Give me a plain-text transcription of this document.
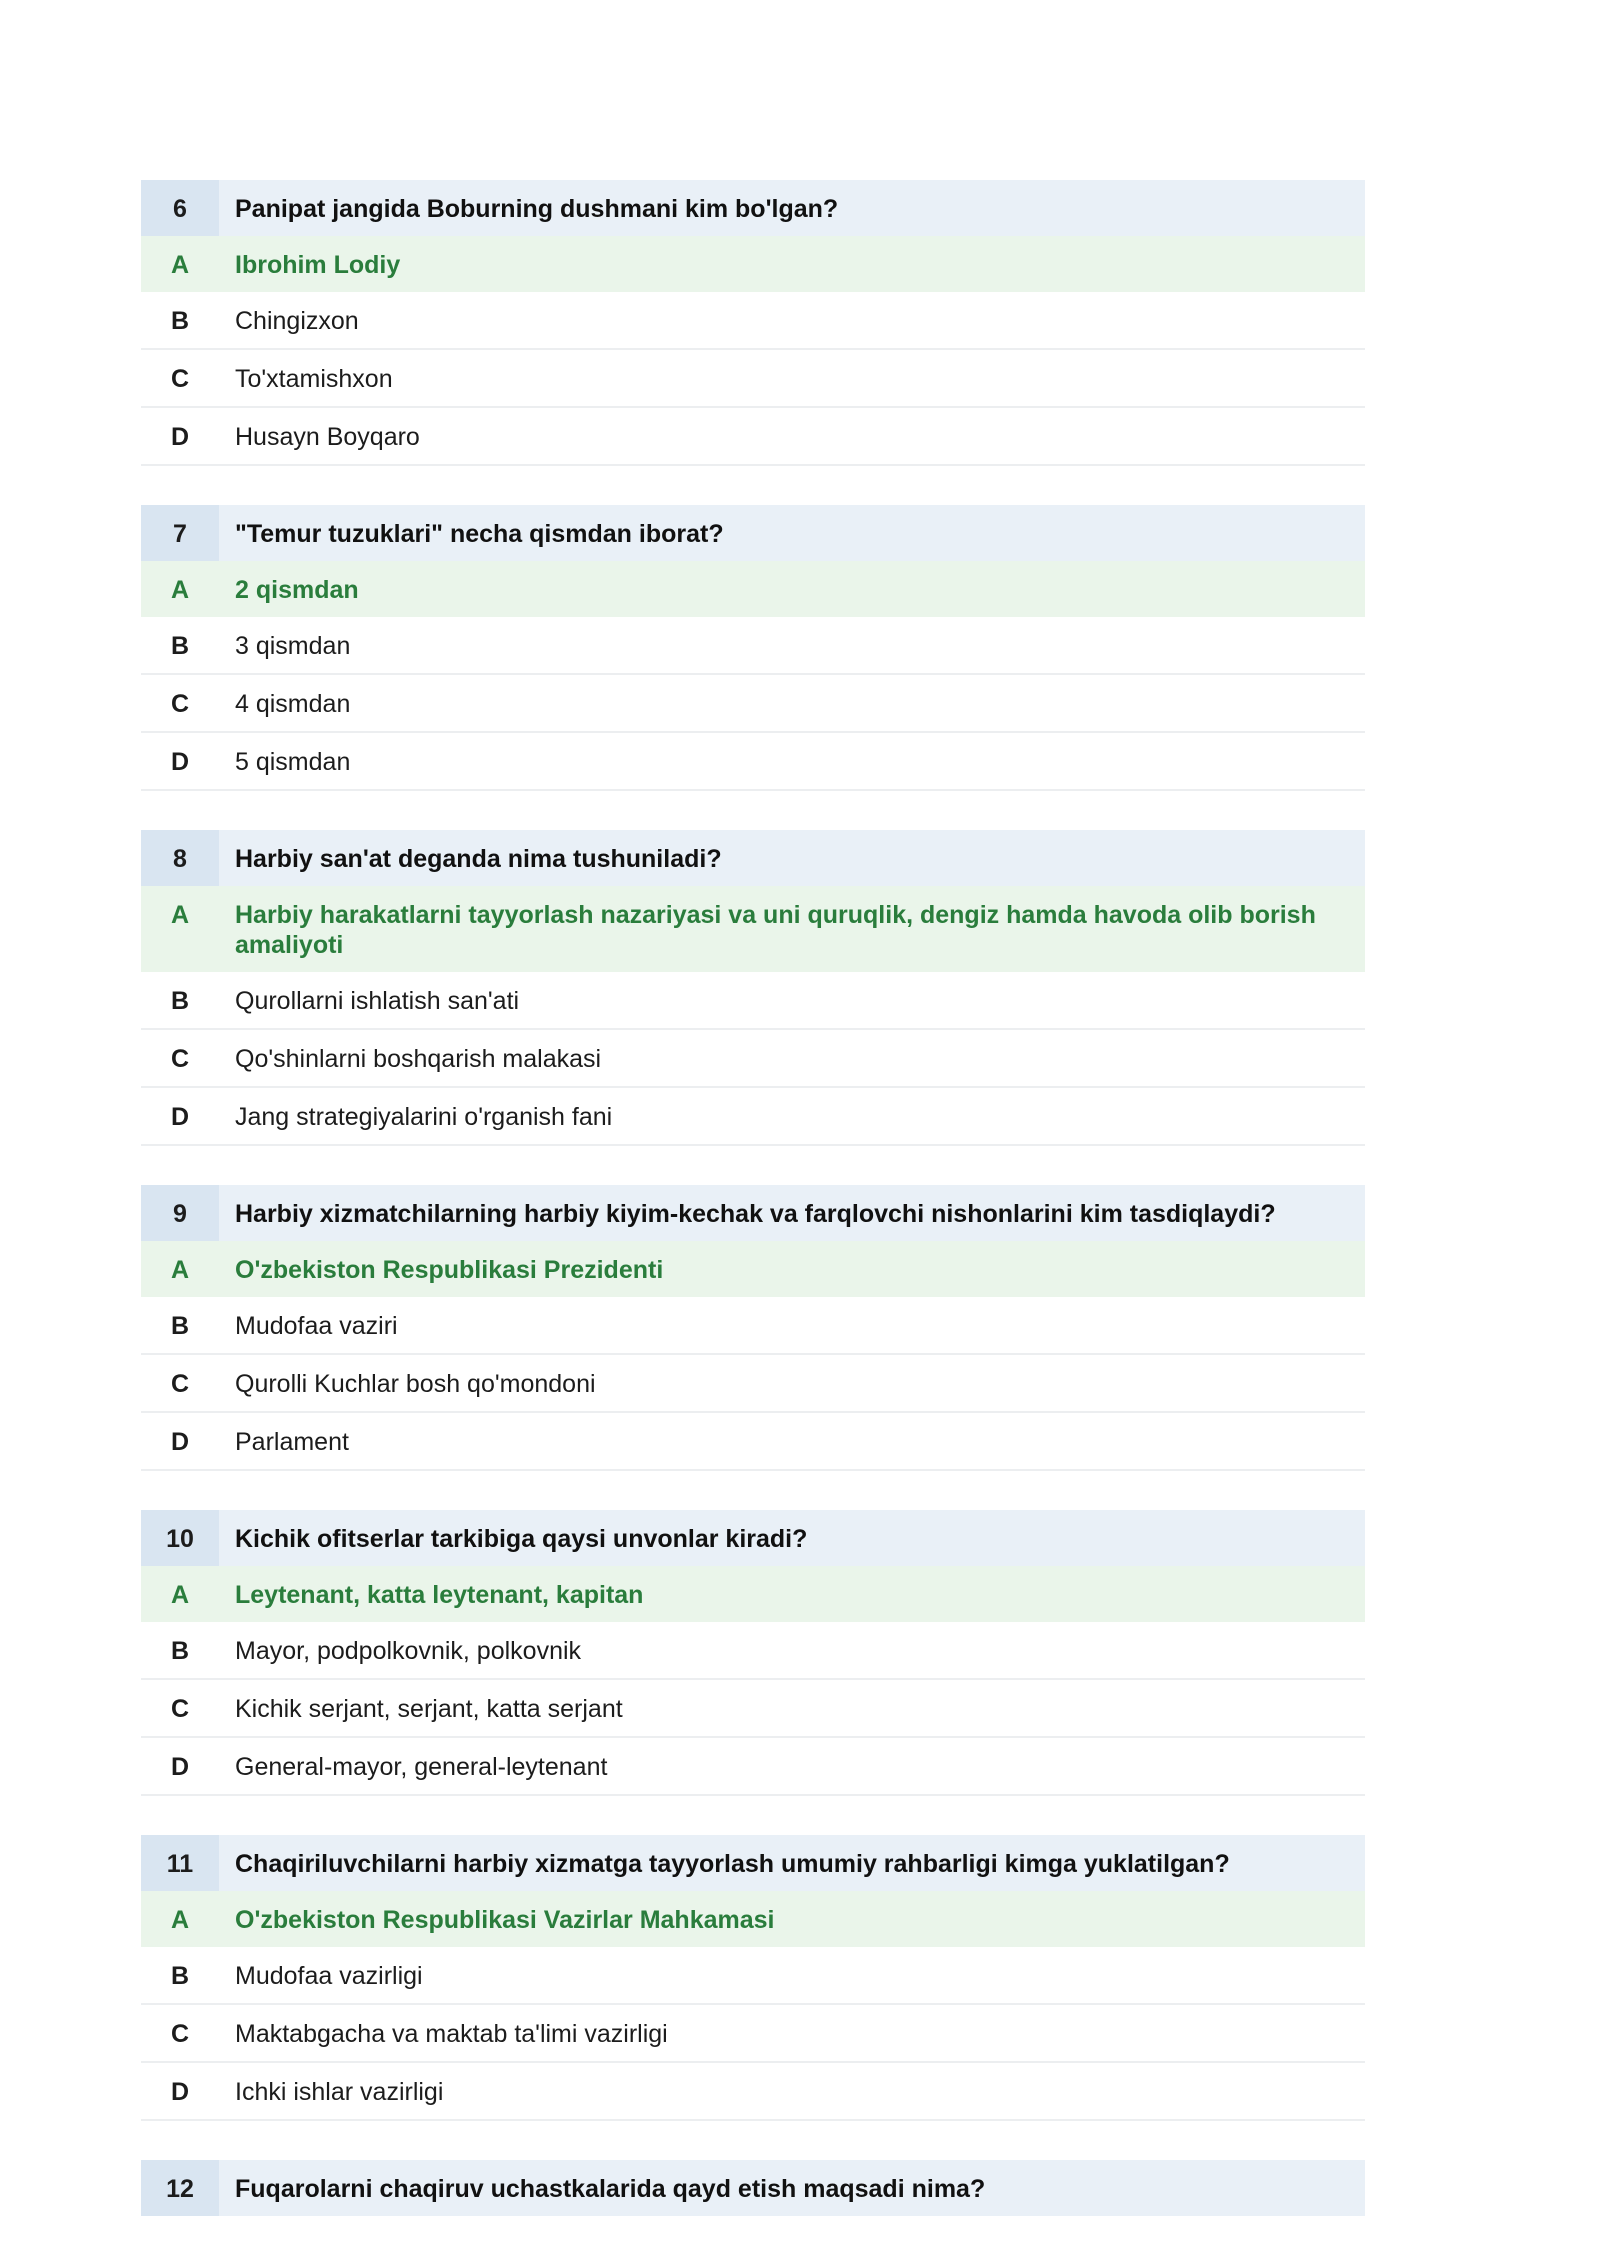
6	Panipat jangida Boburning dushmani kim bo'lgan?
A	Ibrohim Lodiy
B	Chingizxon
C	To'xtamishxon
D	Husayn Boyqaro
7	"Temur tuzuklari" necha qismdan iborat?
A	2 qismdan
B	3 qismdan
C	4 qismdan
D	5 qismdan
8	Harbiy san'at deganda nima tushuniladi?
A	Harbiy harakatlarni tayyorlash nazariyasi va uni quruqlik, dengiz hamda havoda olib borish amaliyoti
B	Qurollarni ishlatish san'ati
C	Qo'shinlarni boshqarish malakasi
D	Jang strategiyalarini o'rganish fani
9	Harbiy xizmatchilarning harbiy kiyim-kechak va farqlovchi nishonlarini kim tasdiqlaydi?
A	O'zbekiston Respublikasi Prezidenti
B	Mudofaa vaziri
C	Qurolli Kuchlar bosh qo'mondoni
D	Parlament
10	Kichik ofitserlar tarkibiga qaysi unvonlar kiradi?
A	Leytenant, katta leytenant, kapitan
B	Mayor, podpolkovnik, polkovnik
C	Kichik serjant, serjant, katta serjant
D	General-mayor, general-leytenant
11	Chaqiriluvchilarni harbiy xizmatga tayyorlash umumiy rahbarligi kimga yuklatilgan?
A	O'zbekiston Respublikasi Vazirlar Mahkamasi
B	Mudofaa vazirligi
C	Maktabgacha va maktab ta'limi vazirligi
D	Ichki ishlar vazirligi
12	Fuqarolarni chaqiruv uchastkalarida qayd etish maqsadi nima?
